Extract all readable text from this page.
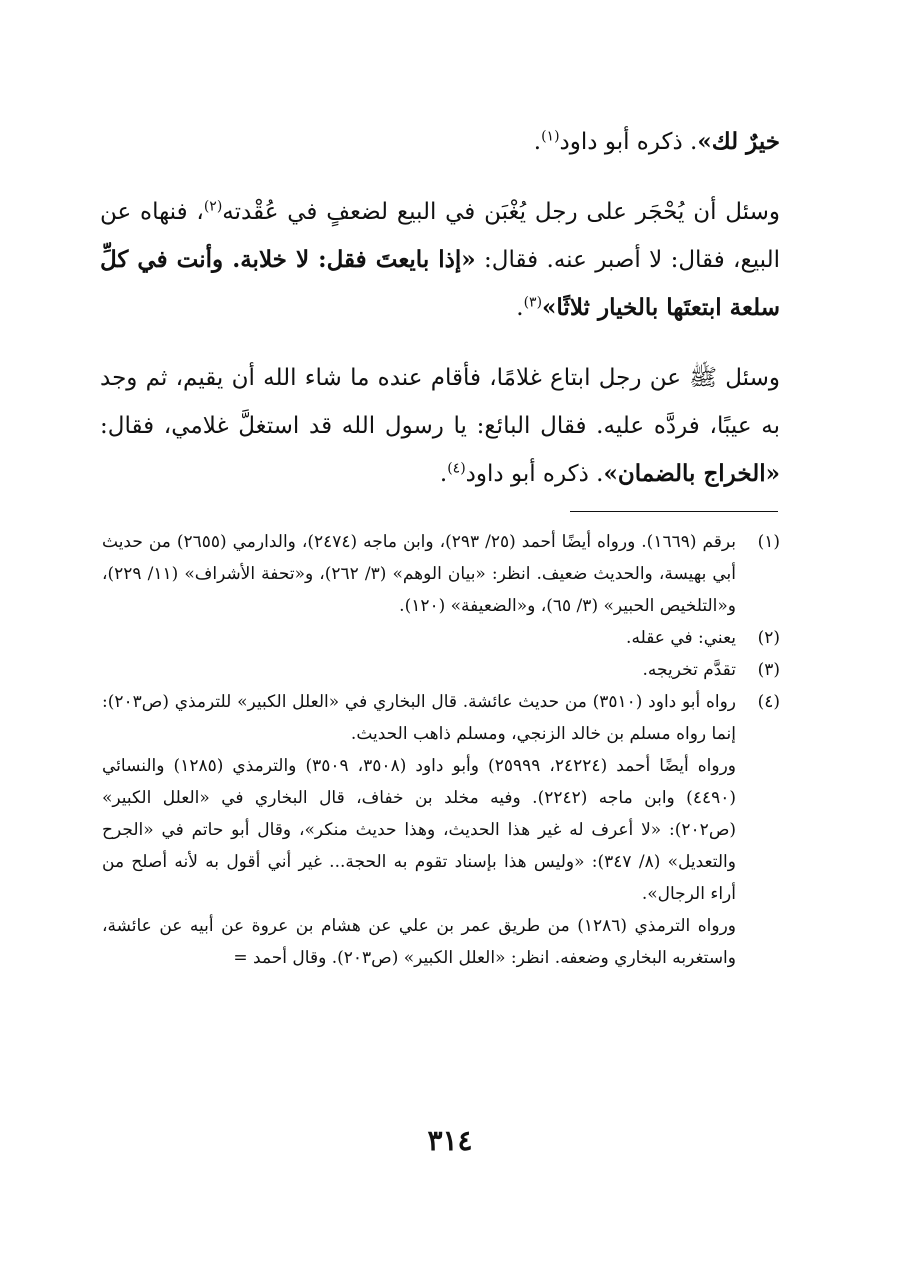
خيرٌ لك». ذكره أبو داود$^{(١)}$.

وسئل أن يُحْجَر على رجل يُغْبَن في البيع لضعفٍ في عُقْدته$^{(٢)}$، فنهاه عن البيع، فقال: لا أصبر عنه. فقال: «إذا بايعتَ فقل: لا خلابة. وأنت في كلِّ سلعة ابتعتَها بالخيار ثلاثًا»$^{(٣)}$.

وسئل ﷺ عن رجل ابتاع غلامًا، فأقام عنده ما شاء الله أن يقيم، ثم وجد به عيبًا، فردَّه عليه. فقال البائع: يا رسول الله قد استغلَّ غلامي، فقال: «الخراج بالضمان». ذكره أبو داود$^{(٤)}$.

(١)

برقم (١٦٦٩). ورواه أيضًا أحمد (٢٥/ ٢٩٣)، وابن ماجه (٢٤٧٤)، والدارمي (٢٦٥٥) من حديث أبي بهيسة، والحديث ضعيف. انظر: «بيان الوهم» (٣/ ٢٦٢)، و«تحفة الأشراف» (١١/ ٢٢٩)، و«التلخيص الحبير» (٣/ ٦٥)، و«الضعيفة» (١٢٠).

(٢)

يعني: في عقله.

(٣)

تقدَّم تخريجه.

(٤)

رواه أبو داود (٣٥١٠) من حديث عائشة. قال البخاري في «العلل الكبير» للترمذي (ص٢٠٣): إنما رواه مسلم بن خالد الزنجي، ومسلم ذاهب الحديث.

ورواه أيضًا أحمد (٢٤٢٢٤، ٢٥٩٩٩) وأبو داود (٣٥٠٨، ٣٥٠٩) والترمذي (١٢٨٥) والنسائي (٤٤٩٠) وابن ماجه (٢٢٤٢). وفيه مخلد بن خفاف، قال البخاري في «العلل الكبير» (ص٢٠٢): «لا أعرف له غير هذا الحديث، وهذا حديث منكر»، وقال أبو حاتم في «الجرح والتعديل» (٨/ ٣٤٧): «وليس هذا بإسناد تقوم به الحجة... غير أني أقول به لأنه أصلح من أراء الرجال».

ورواه الترمذي (١٢٨٦) من طريق عمر بن علي عن هشام بن عروة عن أبيه عن عائشة، واستغربه البخاري وضعفه. انظر: «العلل الكبير» (ص٢٠٣). وقال أحمد =

٣١٤
